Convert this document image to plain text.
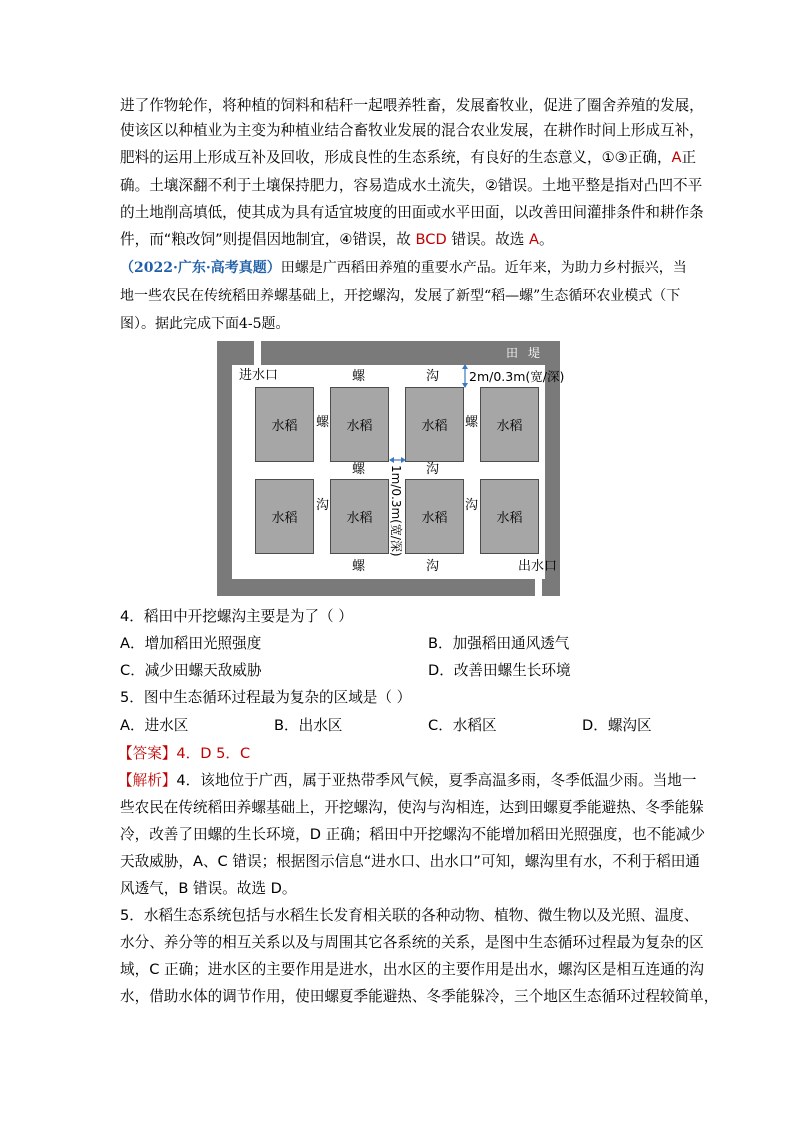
进了作物轮作，将种植的饲料和秸秆一起喂养牲畜，发展畜牧业，促进了圈舍养殖的发展，
使该区以种植业为主变为种植业结合畜牧业发展的混合农业发展，在耕作时间上形成互补，
肥料的运用上形成互补及回收，形成良性的生态系统，有良好的生态意义，①③正确，A正
确。土壤深翻不利于土壤保持肥力，容易造成水土流失，②错误。土地平整是指对凸凹不平
的土地削高填低，使其成为具有适宜坡度的田面或水平田面，以改善田间灌排条件和耕作条
件，而“粮改饲”则提倡因地制宜，④错误，故 BCD 错误。故选 A。
（2022·广东·高考真题）田螺是广西稻田养殖的重要水产品。近年来，为助力乡村振兴，当
地一些农民在传统稻田养螺基础上，开挖螺沟，发展了新型“稻—螺”生态循环农业模式（下
图）。据此完成下面4-5题。
田堤
进水口
出水口
水稻	水稻	水稻	水稻
水稻	水稻	水稻	水稻
螺	沟
螺	螺
螺	沟
沟	沟
螺	沟
2m/0.3m(宽/深)
1m/0.3m(宽/深)
4．稻田中开挖螺沟主要是为了（ ）
A．增加稻田光照强度	B．加强稻田通风透气
C．减少田螺天敌威胁	D．改善田螺生长环境
5．图中生态循环过程最为复杂的区域是（ ）
A．进水区	B．出水区	C．水稻区	D．螺沟区
【答案】4．D 5．C
【解析】4．该地位于广西，属于亚热带季风气候，夏季高温多雨，冬季低温少雨。当地一
些农民在传统稻田养螺基础上，开挖螺沟，使沟与沟相连，达到田螺夏季能避热、冬季能躲
冷，改善了田螺的生长环境，D 正确；稻田中开挖螺沟不能增加稻田光照强度，也不能减少
天敌威胁，A、C 错误；根据图示信息“进水口、出水口”可知，螺沟里有水，不利于稻田通
风透气，B 错误。故选 D。
5．水稻生态系统包括与水稻生长发育相关联的各种动物、植物、微生物以及光照、温度、
水分、养分等的相互关系以及与周围其它各系统的关系，是图中生态循环过程最为复杂的区
域，C 正确；进水区的主要作用是进水，出水区的主要作用是出水，螺沟区是相互连通的沟
水，借助水体的调节作用，使田螺夏季能避热、冬季能躲冷，三个地区生态循环过程较简单，
